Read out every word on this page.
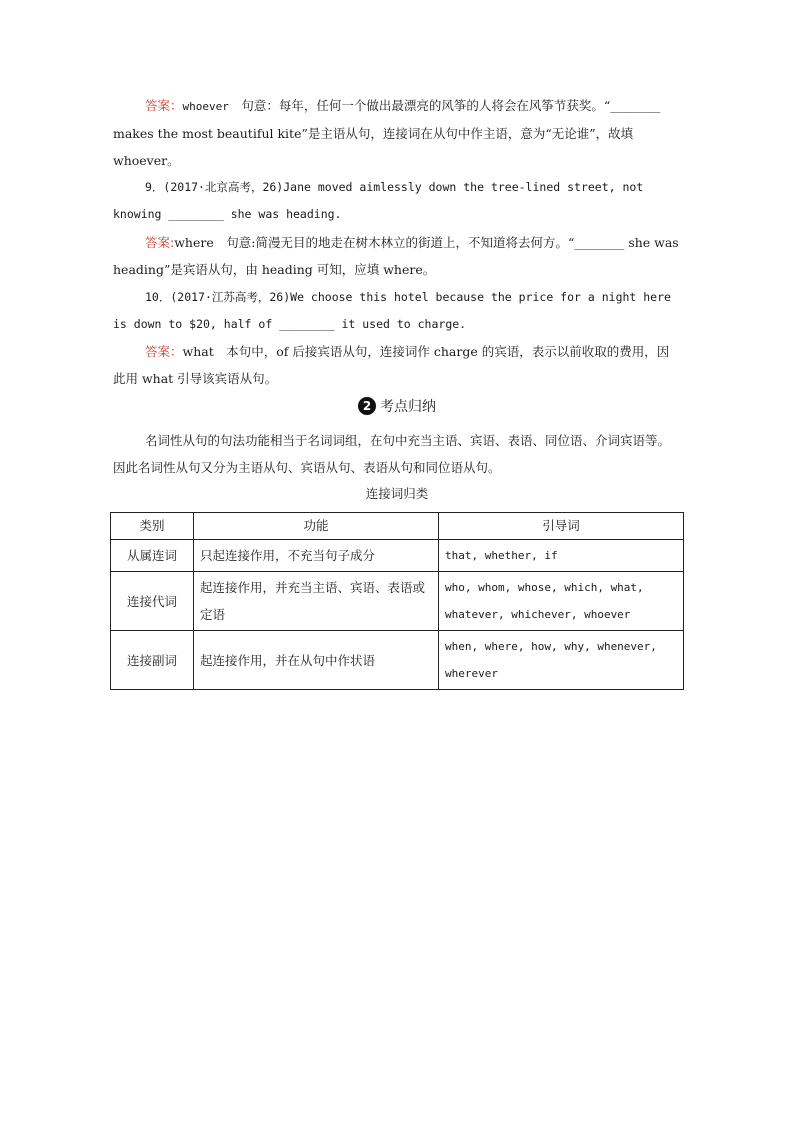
答案：whoever　句意：每年，任何一个做出最漂亮的风筝的人将会在风筝节获奖。“________ makes the most beautiful kite”是主语从句，连接词在从句中作主语，意为“无论谁”，故填 whoever。

9．(2017·北京高考，26)Jane moved aimlessly down the tree-lined street, not knowing ________ she was heading.

答案:where　句意:简漫无目的地走在树木林立的街道上，不知道将去何方。“________ she was heading”是宾语从句，由 heading 可知，应填 where。

10．(2017·江苏高考，26)We choose this hotel because the price for a night here is down to $20, half of ________ it used to charge.

答案：what　本句中，of 后接宾语从句，连接词作 charge 的宾语，表示以前收取的费用，因此用 what 引导该宾语从句。

2 考点归纳

名词性从句的句法功能相当于名词词组，在句中充当主语、宾语、表语、同位语、介词宾语等。因此名词性从句又分为主语从句、宾语从句、表语从句和同位语从句。

连接词归类
类别	功能	引导词
从属连词	只起连接作用，不充当句子成分	that, whether, if
连接代词	起连接作用，并充当主语、宾语、表语或定语	who, whom, whose, which, what, whatever, whichever, whoever
连接副词	起连接作用，并在从句中作状语	when, where, how, why, whenever, wherever
